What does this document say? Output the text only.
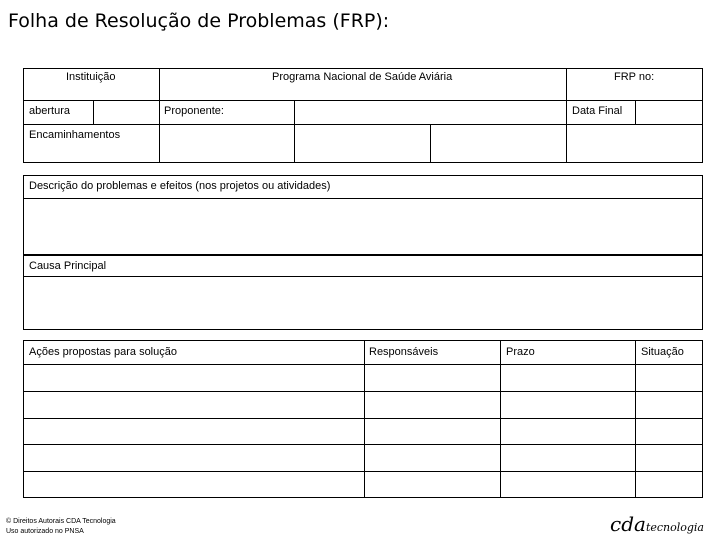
Folha de Resolução de Problemas (FRP):
Instituição	Programa Nacional de Saúde Aviária	FRP no:
abertura	Proponente:	Data Final
Encaminhamentos
Descrição do problemas e efeitos (nos projetos ou atividades)
Causa Principal
Ações propostas para solução	Responsáveis	Prazo	Situação
© Direitos Autorais CDA Tecnologia
Uso autorizado no PNSA	cdatecnologia
